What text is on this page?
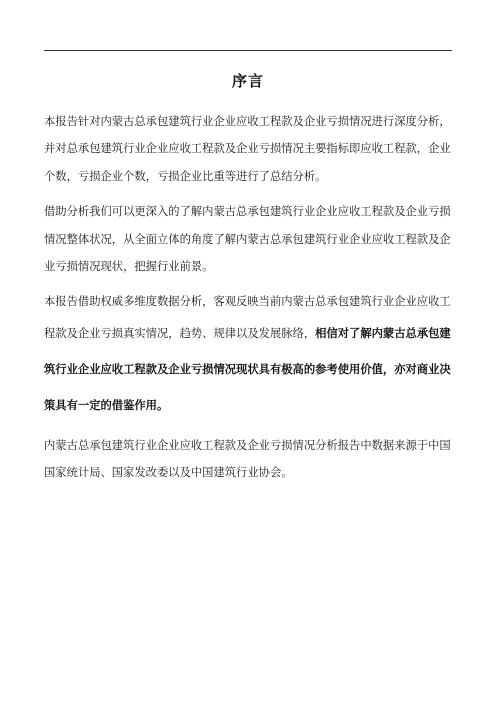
序言

本报告针对内蒙古总承包建筑行业企业应收工程款及企业亏损情况进行深度分析，并对总承包建筑行业企业应收工程款及企业亏损情况主要指标即应收工程款，企业个数，亏损企业个数，亏损企业比重等进行了总结分析。

借助分析我们可以更深入的了解内蒙古总承包建筑行业企业应收工程款及企业亏损情况整体状况，从全面立体的角度了解内蒙古总承包建筑行业企业应收工程款及企业亏损情况现状，把握行业前景。

本报告借助权威多维度数据分析，客观反映当前内蒙古总承包建筑行业企业应收工程款及企业亏损真实情况，趋势、规律以及发展脉络，相信对了解内蒙古总承包建筑行业企业应收工程款及企业亏损情况现状具有极高的参考使用价值，亦对商业决策具有一定的借鉴作用。

内蒙古总承包建筑行业企业应收工程款及企业亏损情况分析报告中数据来源于中国国家统计局、国家发改委以及中国建筑行业协会。
